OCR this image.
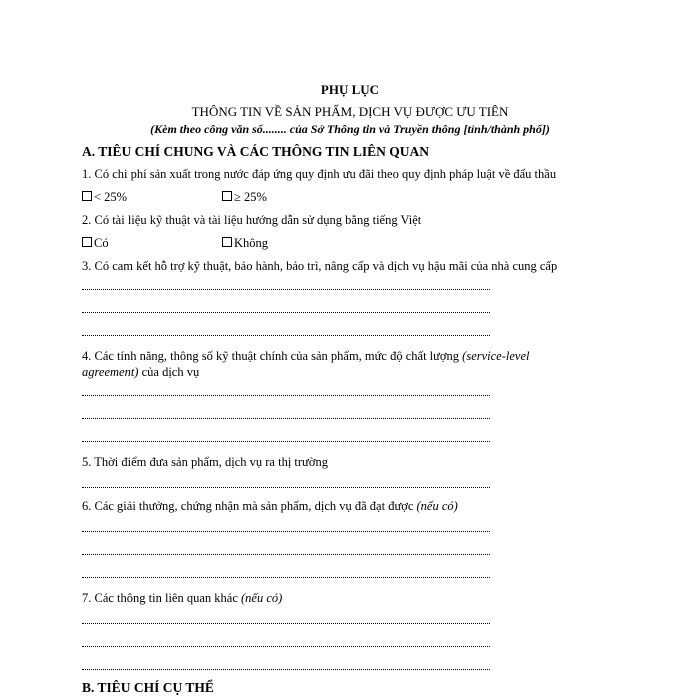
PHỤ LỤC
THÔNG TIN VỀ SẢN PHẨM, DỊCH VỤ ĐƯỢC ƯU TIÊN
(Kèm theo công văn số........ của Sở Thông tin và Truyền thông [tỉnh/thành phố])
A. TIÊU CHÍ CHUNG VÀ CÁC THÔNG TIN LIÊN QUAN
1. Có chi phí sản xuất trong nước đáp ứng quy định ưu đãi theo quy định pháp luật về đấu thầu
< 25%	≥ 25%
2. Có tài liệu kỹ thuật và tài liệu hướng dẫn sử dụng bằng tiếng Việt
Có	Không
3. Có cam kết hỗ trợ kỹ thuật, bảo hành, bảo trì, nâng cấp và dịch vụ hậu mãi của nhà cung cấp
4. Các tính năng, thông số kỹ thuật chính của sản phẩm, mức độ chất lượng (service-level agreement) của dịch vụ
5. Thời điểm đưa sản phẩm, dịch vụ ra thị trường
6. Các giải thưởng, chứng nhận mà sản phẩm, dịch vụ đã đạt được (nếu có)
7. Các thông tin liên quan khác (nếu có)
B. TIÊU CHÍ CỤ THỂ
